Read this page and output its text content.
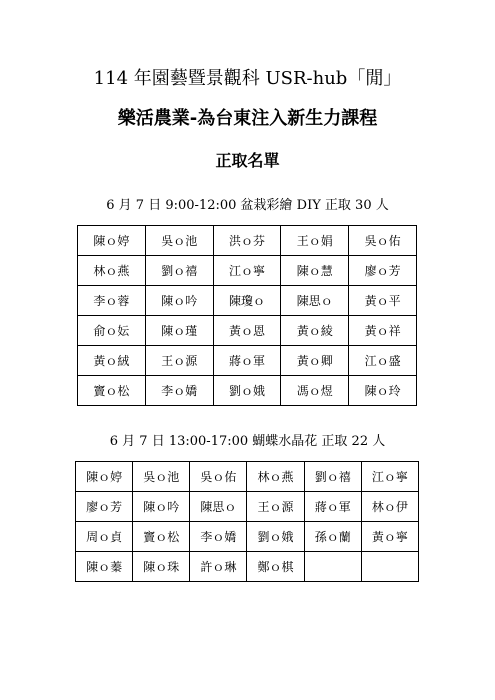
114 年園藝暨景觀科 USR-hub「閒」
樂活農業-為台東注入新生力課程
正取名單
6 月 7 日 9:00-12:00 盆栽彩繪 DIY 正取 30 人
陳ｏ婷	吳ｏ池	洪ｏ芬	王ｏ娟	吳ｏ佑
林ｏ燕	劉ｏ禧	江ｏ寧	陳ｏ慧	廖ｏ芳
李ｏ蓉	陳ｏ吟	陳瓊ｏ	陳思ｏ	黃ｏ平
俞ｏ妘	陳ｏ瑾	黃ｏ恩	黃ｏ綾	黃ｏ祥
黃ｏ絨	王ｏ源	蔣ｏ軍	黃ｏ卿	江ｏ盛
竇ｏ松	李ｏ嬌	劉ｏ娥	馮ｏ煜	陳ｏ玲
6 月 7 日 13:00-17:00 蝴蝶水晶花 正取 22 人
陳ｏ婷	吳ｏ池	吳ｏ佑	林ｏ燕	劉ｏ禧	江ｏ寧
廖ｏ芳	陳ｏ吟	陳思ｏ	王ｏ源	蔣ｏ軍	林ｏ伊
周ｏ貞	竇ｏ松	李ｏ嬌	劉ｏ娥	孫ｏ蘭	黃ｏ寧
陳ｏ蓁	陳ｏ珠	許ｏ琳	鄭ｏ棋		
